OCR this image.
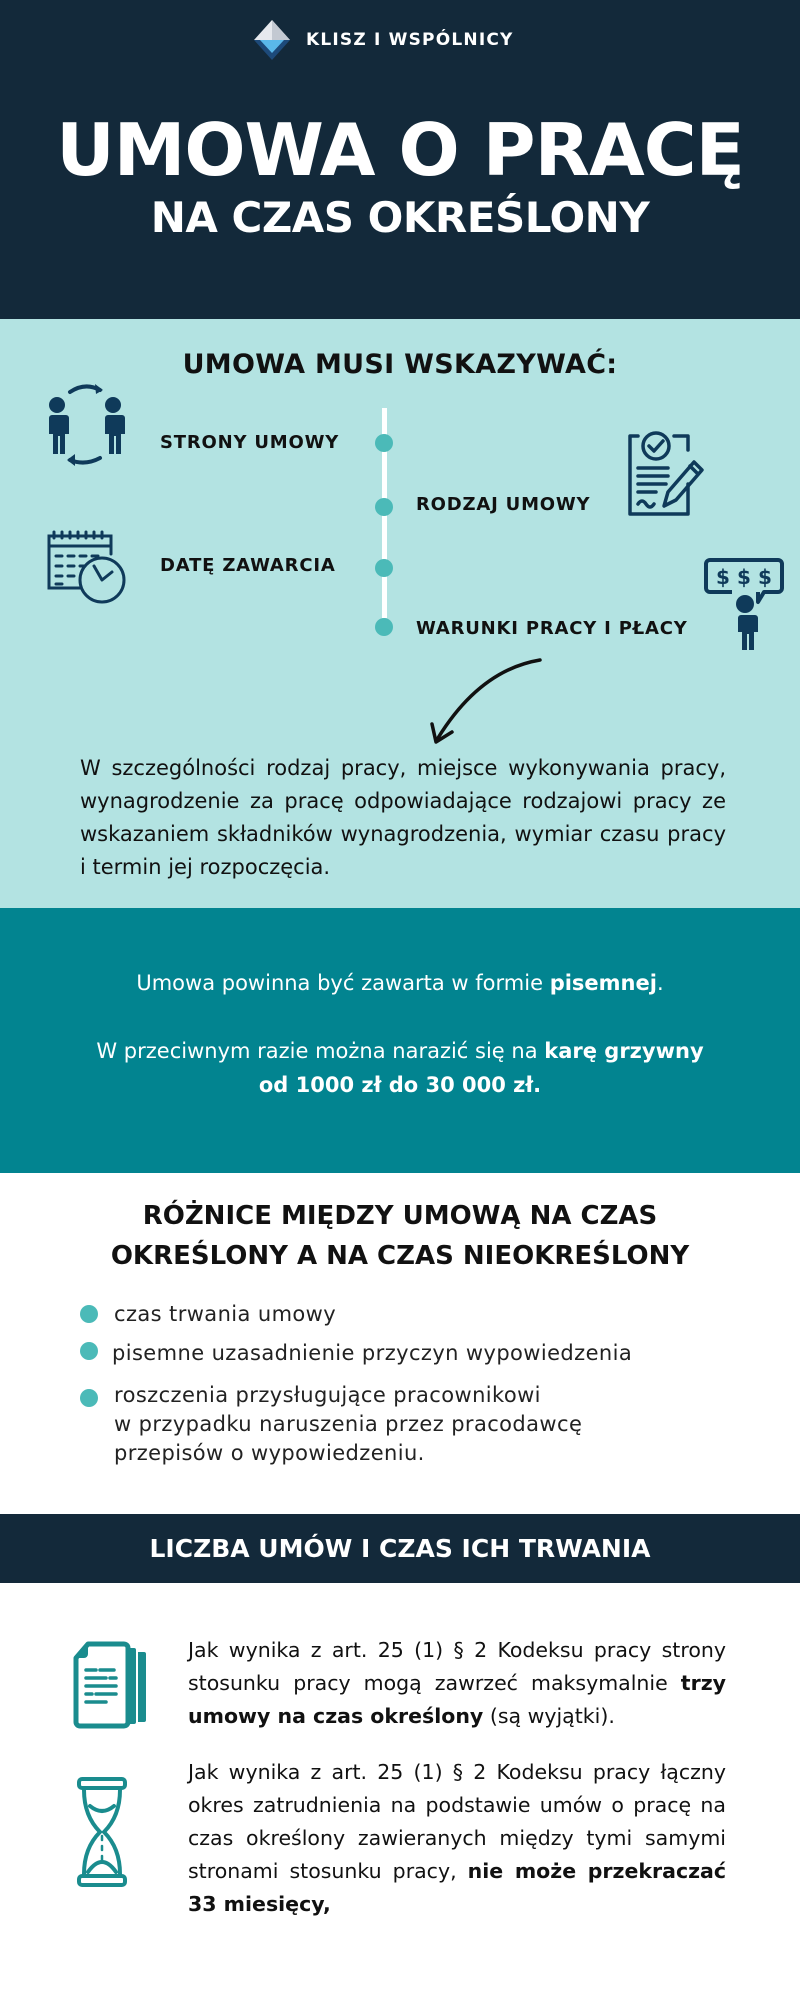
KLISZ I WSPÓLNICY
UMOWA O PRACĘ
NA CZAS OKREŚLONY
UMOWA MUSI WSKAZYWAĆ:
STRONY UMOWY
RODZAJ UMOWY
DATĘ ZAWARCIA
WARUNKI PRACY I PŁACY
$ $ $
W szczególności rodzaj pracy, miejsce wykonywania pracy, wynagrodzenie za pracę odpowiadające rodzajowi pracy ze wskazaniem składników wynagrodzenia, wymiar czasu pracy i termin jej rozpoczęcia.
Umowa powinna być zawarta w formie pisemnej.
W przeciwnym razie można narazić się na karę grzywny
od 1000 zł do 30 000 zł.
RÓŻNICE MIĘDZY UMOWĄ NA CZAS
OKREŚLONY A NA CZAS NIEOKREŚLONY
czas trwania umowy
pisemne uzasadnienie przyczyn wypowiedzenia
roszczenia przysługujące pracownikowi
w przypadku naruszenia przez pracodawcę
przepisów o wypowiedzeniu.
LICZBA UMÓW I CZAS ICH TRWANIA
Jak wynika z art. 25 (1) § 2 Kodeksu pracy strony stosunku pracy mogą zawrzeć maksymalnie trzy umowy na czas określony (są wyjątki).
Jak wynika z art. 25 (1) § 2 Kodeksu pracy łączny okres zatrudnienia na podstawie umów o pracę na czas określony zawieranych między tymi samymi stronami stosunku pracy, nie może przekraczać 33 miesięcy,
